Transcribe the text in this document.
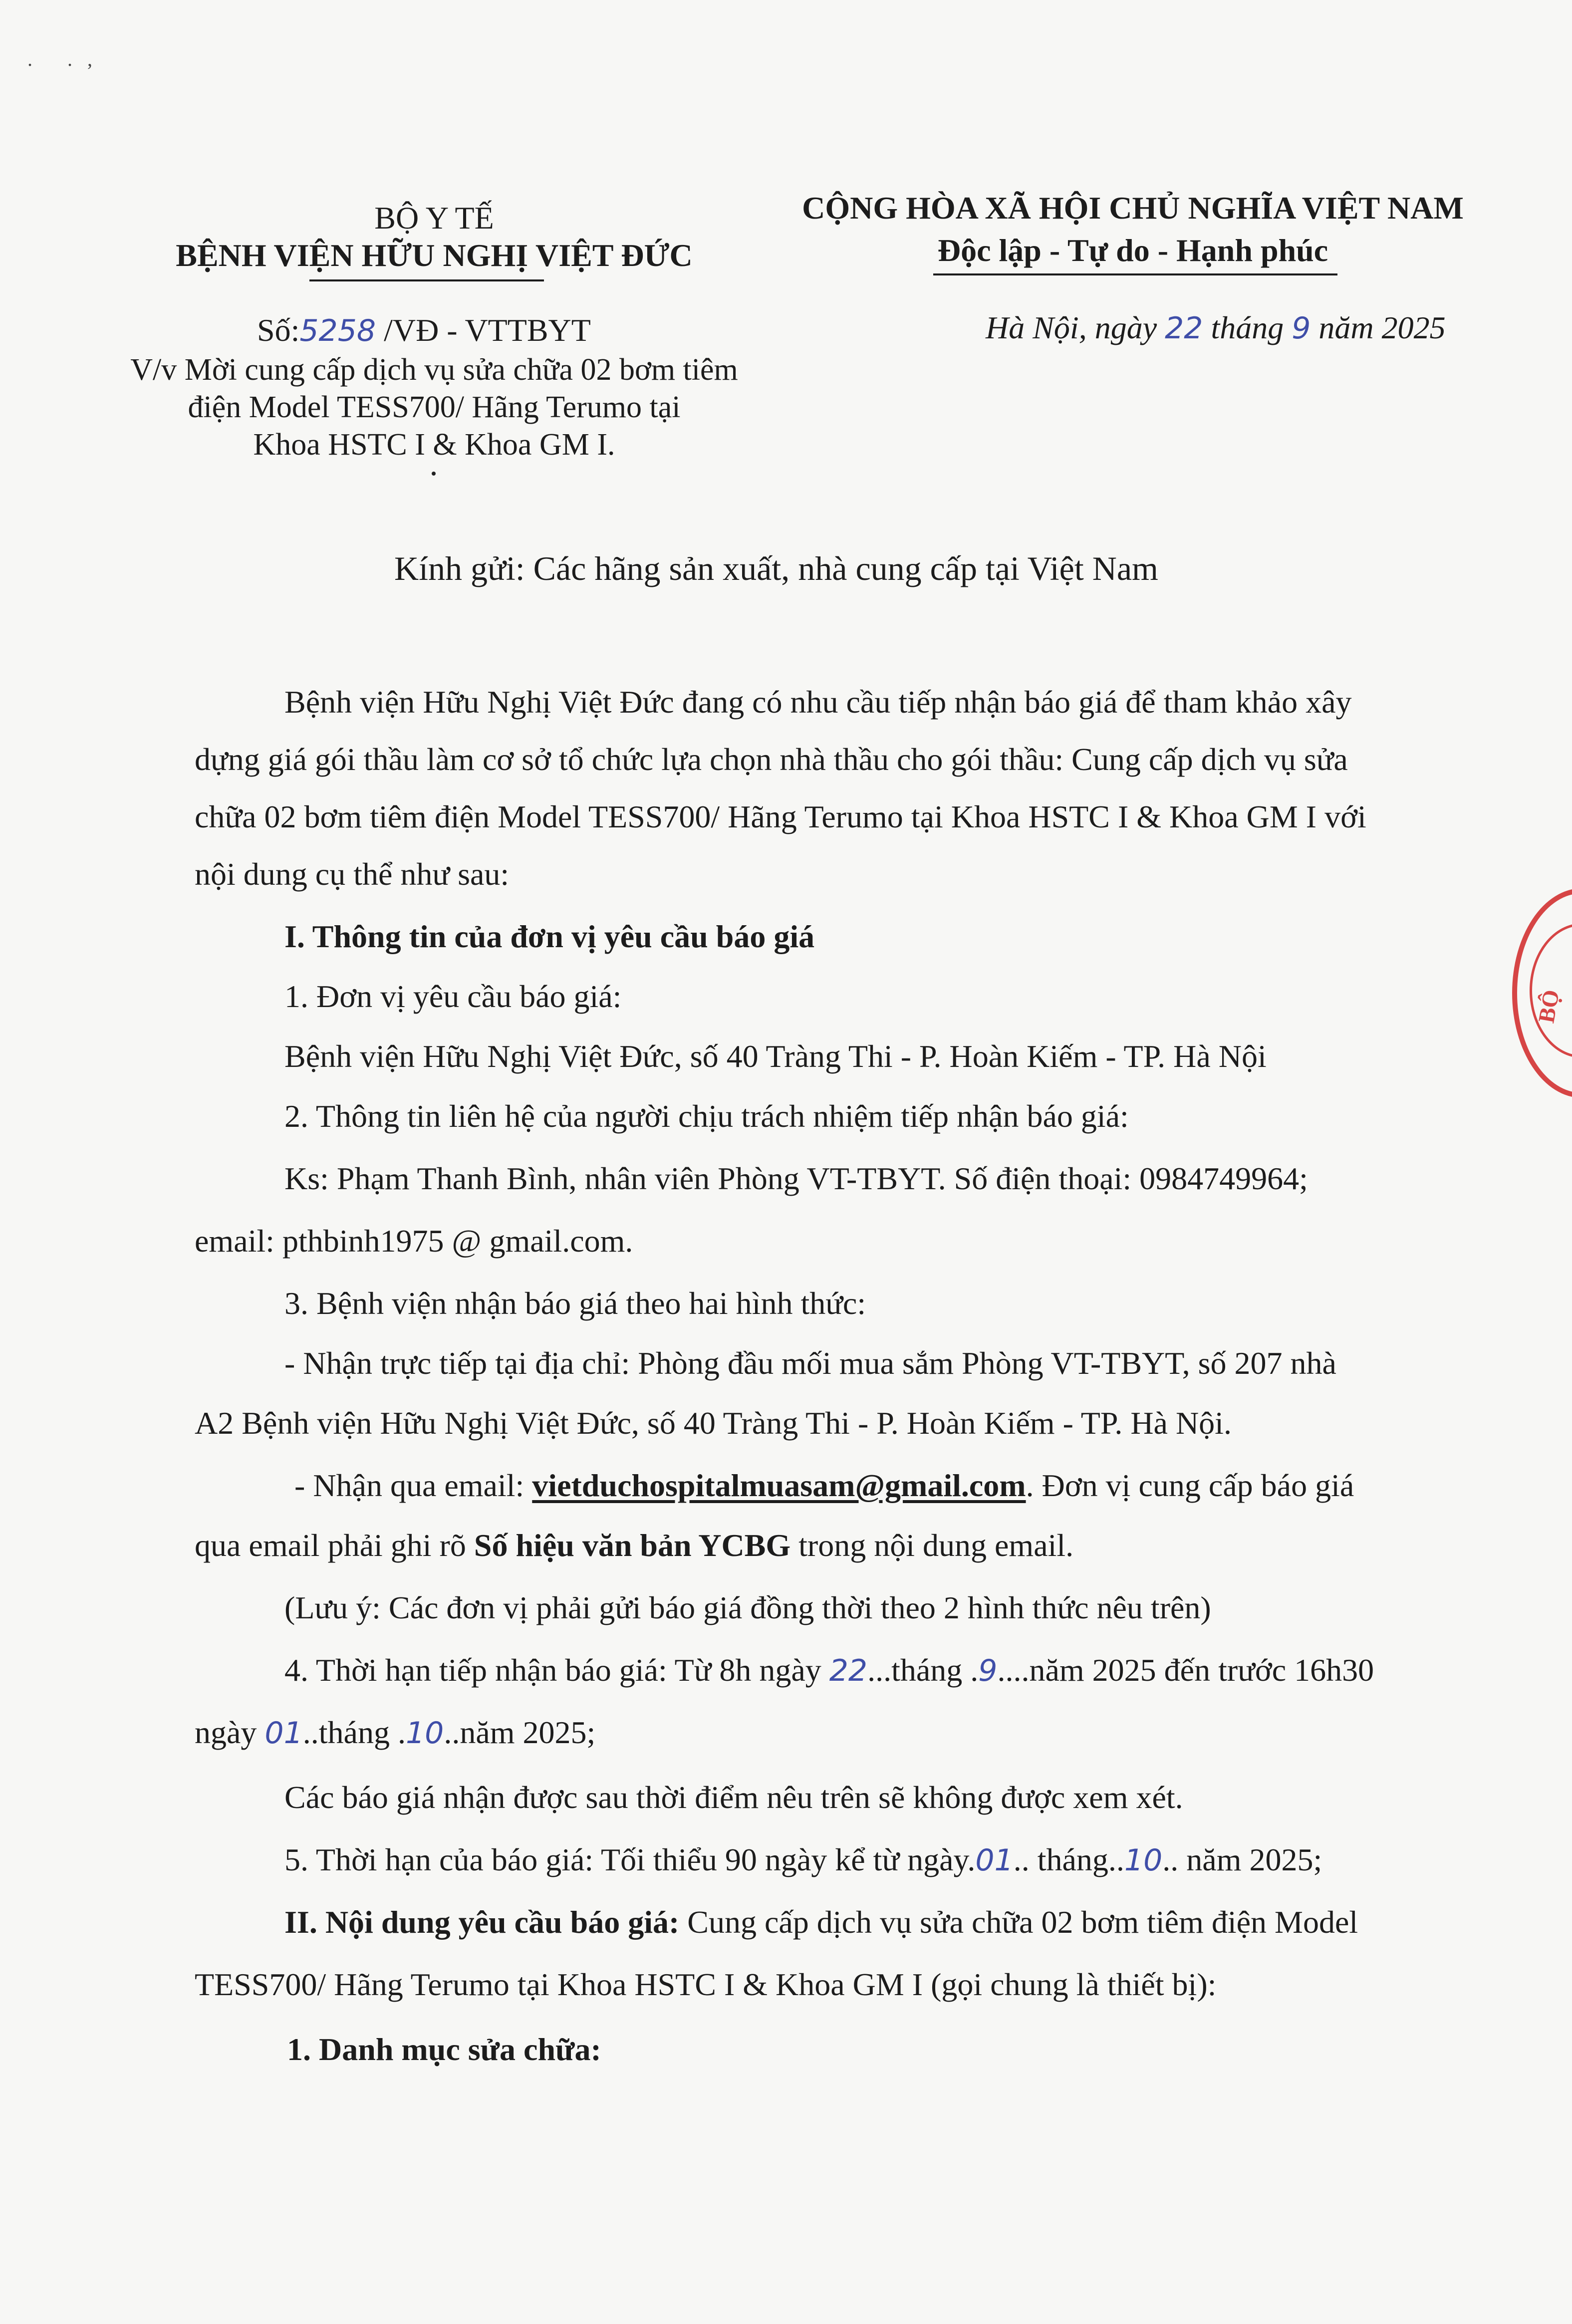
. .,
BỘ Y TẾ
BỆNH VIỆN HỮU NGHỊ VIỆT ĐỨC
Số:5258 /VĐ - VTTBYT
V/v Mời cung cấp dịch vụ sửa chữa 02 bơm tiêm
điện Model TESS700/ Hãng Terumo tại
Khoa HSTC I & Khoa GM I.
CỘNG HÒA XÃ HỘI CHỦ NGHĨA VIỆT NAM
Độc lập - Tự do - Hạnh phúc
Hà Nội, ngày 22 tháng 9 năm 2025
Kính gửi: Các hãng sản xuất, nhà cung cấp tại Việt Nam
Bệnh viện Hữu Nghị Việt Đức đang có nhu cầu tiếp nhận báo giá để tham khảo xây
dựng giá gói thầu làm cơ sở tổ chức lựa chọn nhà thầu cho gói thầu: Cung cấp dịch vụ sửa
chữa 02 bơm tiêm điện Model TESS700/ Hãng Terumo tại Khoa HSTC I & Khoa GM I với
nội dung cụ thể như sau:
I. Thông tin của đơn vị yêu cầu báo giá
1. Đơn vị yêu cầu báo giá:
Bệnh viện Hữu Nghị Việt Đức, số 40 Tràng Thi - P. Hoàn Kiếm - TP. Hà Nội
2. Thông tin liên hệ của người chịu trách nhiệm tiếp nhận báo giá:
Ks: Phạm Thanh Bình, nhân viên Phòng VT-TBYT. Số điện thoại: 0984749964;
email: pthbinh1975 @ gmail.com.
3. Bệnh viện nhận báo giá theo hai hình thức:
- Nhận trực tiếp tại địa chỉ: Phòng đầu mối mua sắm Phòng VT-TBYT, số 207 nhà
A2 Bệnh viện Hữu Nghị Việt Đức, số 40 Tràng Thi - P. Hoàn Kiếm - TP. Hà Nội.
- Nhận qua email: vietduchospitalmuasam@gmail.com. Đơn vị cung cấp báo giá
qua email phải ghi rõ Số hiệu văn bản YCBG trong nội dung email.
(Lưu ý: Các đơn vị phải gửi báo giá đồng thời theo 2 hình thức nêu trên)
4. Thời hạn tiếp nhận báo giá: Từ 8h ngày 22...tháng .9....năm 2025 đến trước 16h30
ngày 01..tháng .10..năm 2025;
Các báo giá nhận được sau thời điểm nêu trên sẽ không được xem xét.
5. Thời hạn của báo giá: Tối thiểu 90 ngày kể từ ngày.01.. tháng..10.. năm 2025;
II. Nội dung yêu cầu báo giá: Cung cấp dịch vụ sửa chữa 02 bơm tiêm điện Model
TESS700/ Hãng Terumo tại Khoa HSTC I & Khoa GM I (gọi chung là thiết bị):
1. Danh mục sửa chữa:
BỘ
